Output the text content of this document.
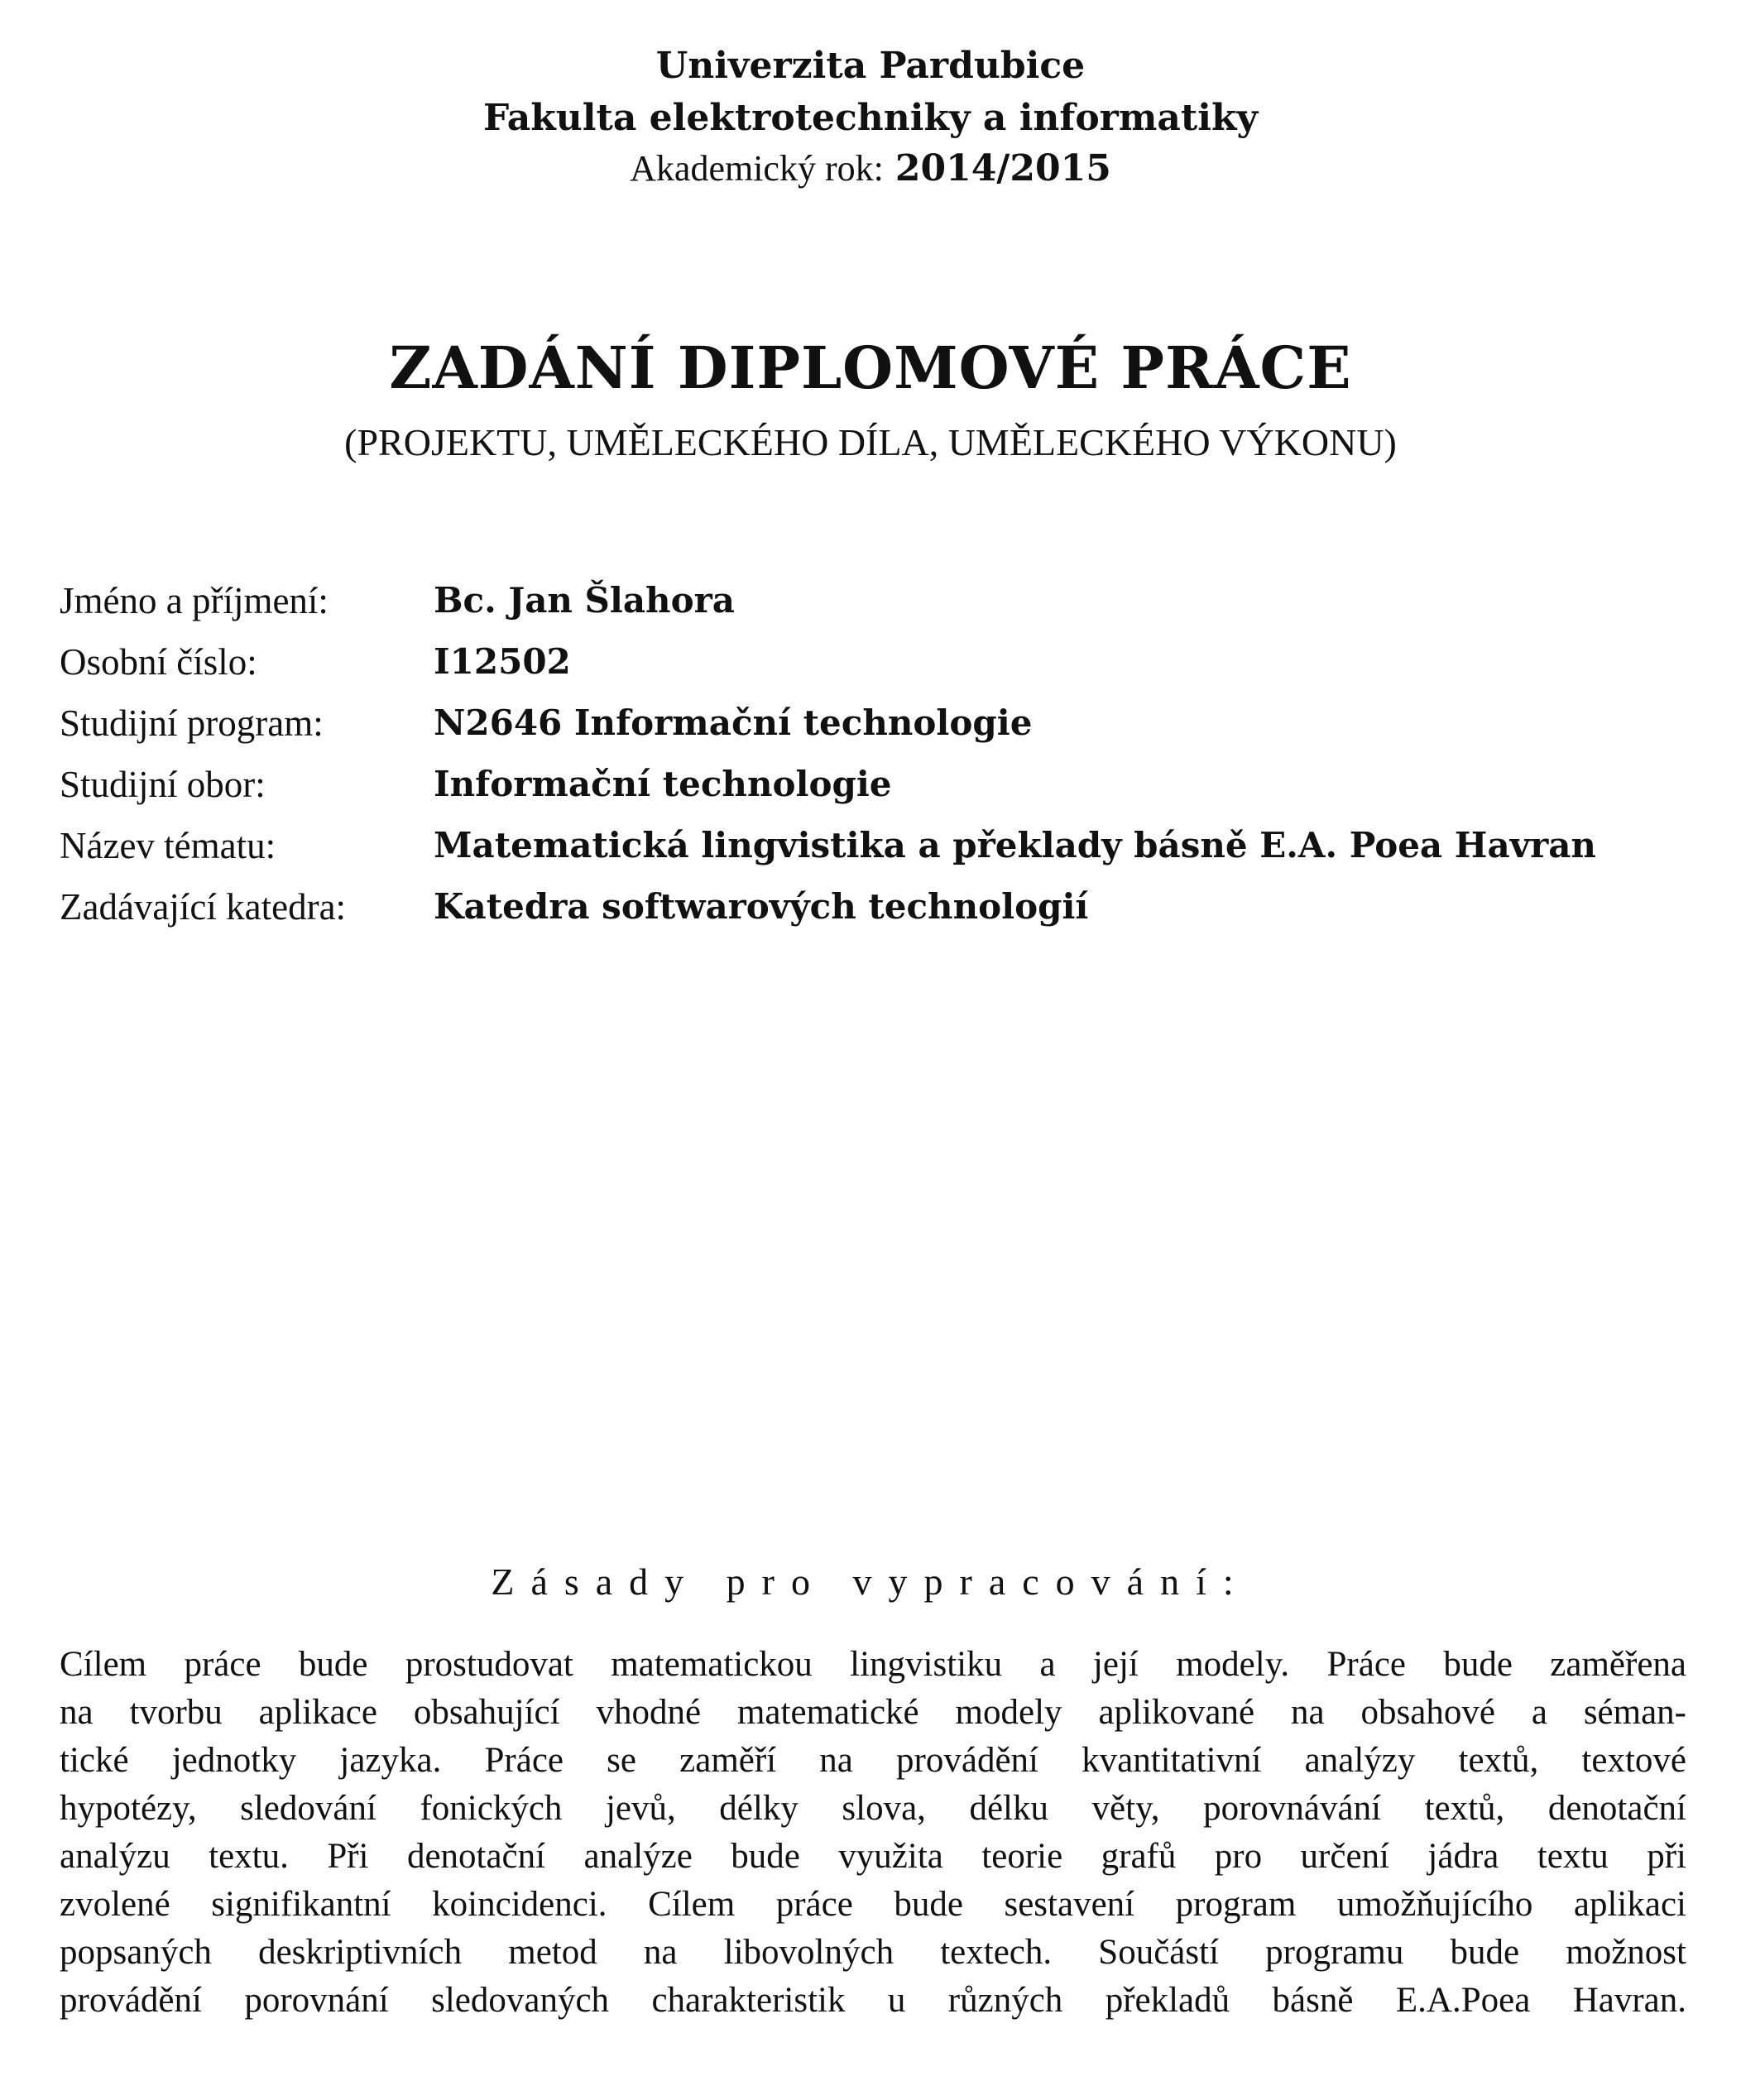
Univerzita Pardubice
Fakulta elektrotechniky a informatiky
Akademický rok: 2014/2015
ZADÁNÍ DIPLOMOVÉ PRÁCE
(PROJEKTU, UMĚLECKÉHO DÍLA, UMĚLECKÉHO VÝKONU)
Jméno a příjmení:	Bc. Jan Šlahora
Osobní číslo:	I12502
Studijní program:	N2646 Informační technologie
Studijní obor:	Informační technologie
Název tématu:	Matematická lingvistika a překlady básně E.A. Poea Havran
Zadávající katedra:	Katedra softwarových technologií
Zásady pro vypracování:
Cílem práce bude prostudovat matematickou lingvistiku a její modely. Práce bude zaměřena
na tvorbu aplikace obsahující vhodné matematické modely aplikované na obsahové a séman-
tické jednotky jazyka. Práce se zaměří na provádění kvantitativní analýzy textů, textové
hypotézy, sledování fonických jevů, délky slova, délku věty, porovnávání textů, denotační
analýzu textu. Při denotační analýze bude využita teorie grafů pro určení jádra textu při
zvolené signifikantní koincidenci. Cílem práce bude sestavení program umožňujícího aplikaci
popsaných deskriptivních metod na libovolných textech. Součástí programu bude možnost
provádění porovnání sledovaných charakteristik u různých překladů básně E.A.Poea Havran.
